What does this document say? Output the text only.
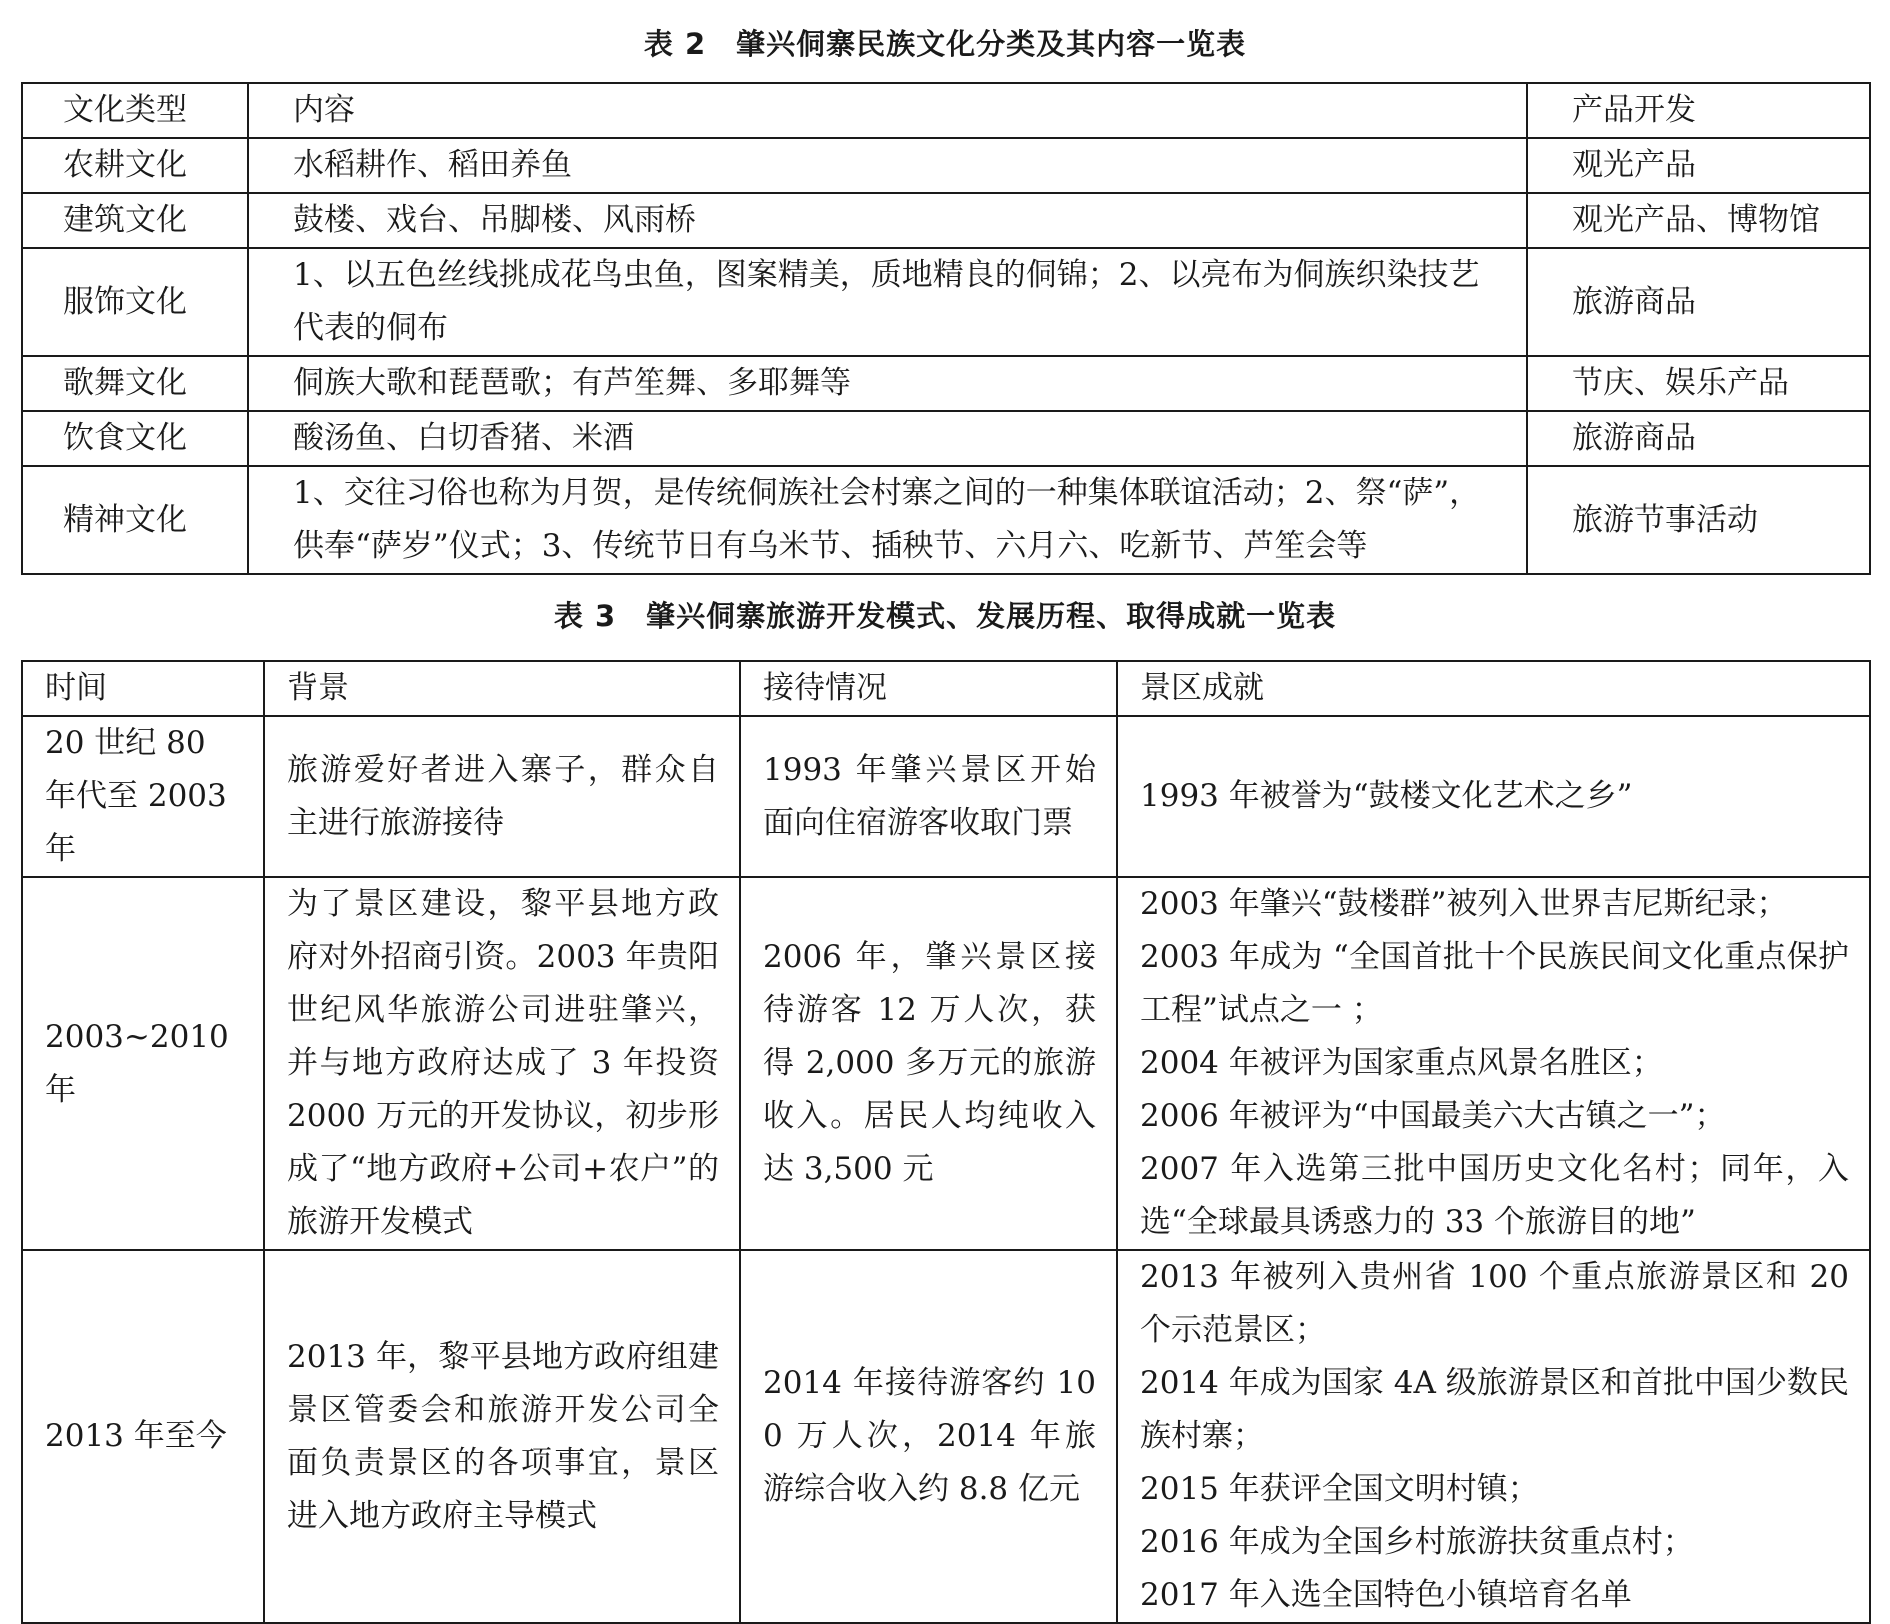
表 2　肇兴侗寨民族文化分类及其内容一览表
文化类型	内容	产品开发
农耕文化	水稻耕作、稻田养鱼	观光产品
建筑文化	鼓楼、戏台、吊脚楼、风雨桥	观光产品、博物馆
服饰文化	1、以五色丝线挑成花鸟虫鱼，图案精美，质地精良的侗锦；2、以亮布为侗族织染技艺代表的侗布	旅游商品
歌舞文化	侗族大歌和琵琶歌；有芦笙舞、多耶舞等	节庆、娱乐产品
饮食文化	酸汤鱼、白切香猪、米酒	旅游商品
精神文化	1、交往习俗也称为月贺，是传统侗族社会村寨之间的一种集体联谊活动；2、祭“萨”，供奉“萨岁”仪式；3、传统节日有乌米节、插秧节、六月六、吃新节、芦笙会等	旅游节事活动
表 3　肇兴侗寨旅游开发模式、发展历程、取得成就一览表
时间	背景	接待情况	景区成就
20 世纪 80 年代至 2003 年	旅游爱好者进入寨子，群众自主进行旅游接待	1993 年肇兴景区开始面向住宿游客收取门票	1993 年被誉为“鼓楼文化艺术之乡”

2003~2010 年	为了景区建设，黎平县地方政府对外招商引资。2003 年贵阳世纪风华旅游公司进驻肇兴，并与地方政府达成了 3 年投资 2000 万元的开发协议，初步形成了“地方政府+公司+农户”的旅游开发模式	2006 年，肇兴景区接待游客 12 万人次，获得 2,000 多万元的旅游收入。居民人均纯收入达 3,500 元	2003 年肇兴“鼓楼群”被列入世界吉尼斯纪录；
2003 年成为 “全国首批十个民族民间文化重点保护工程”试点之一 ；
2004 年被评为国家重点风景名胜区；
2006 年被评为“中国最美六大古镇之一”；
2007 年入选第三批中国历史文化名村；同年，入选“全球最具诱惑力的 33 个旅游目的地”

2013 年至今	2013 年，黎平县地方政府组建景区管委会和旅游开发公司全面负责景区的各项事宜，景区进入地方政府主导模式	2014 年接待游客约 100 万人次，2014 年旅游综合收入约 8.8 亿元	2013 年被列入贵州省 100 个重点旅游景区和 20 个示范景区；
2014 年成为国家 4A 级旅游景区和首批中国少数民族村寨；
2015 年获评全国文明村镇；
2016 年成为全国乡村旅游扶贫重点村；
2017 年入选全国特色小镇培育名单
